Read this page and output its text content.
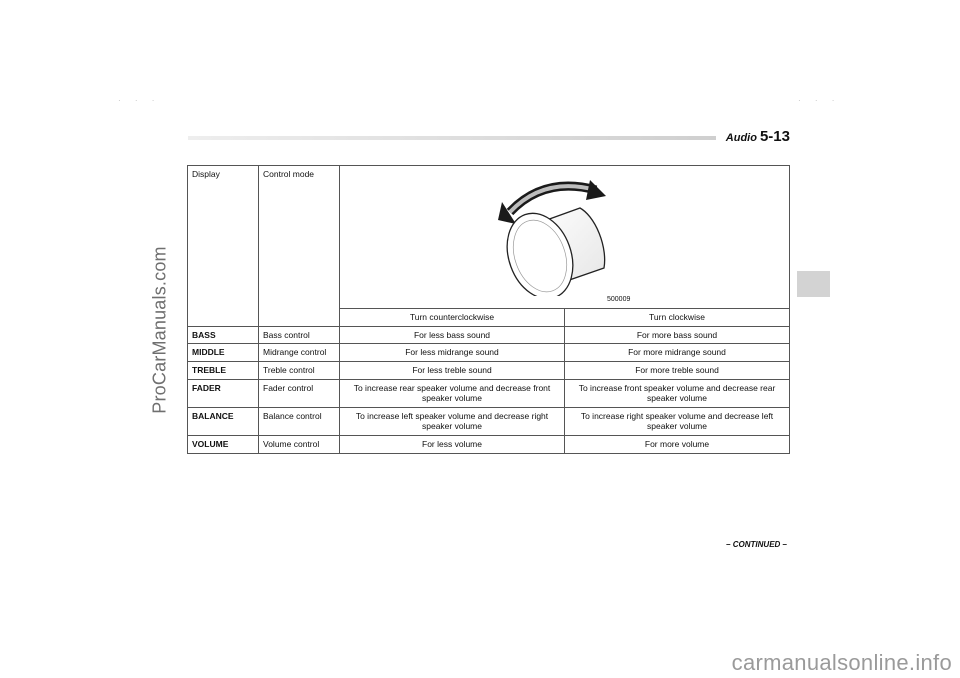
ProCarManuals.com
· · ·	· · ·
Audio 5-13
Display	Control mode	500009	

		Turn counterclockwise	Turn clockwise
BASS	Bass control	For less bass sound	For more bass sound
MIDDLE	Midrange control	For less midrange sound	For more midrange sound
TREBLE	Treble control	For less treble sound	For more treble sound
FADER	Fader control	To increase rear speaker volume and decrease front speaker volume	To increase front speaker volume and decrease rear speaker volume
BALANCE	Balance control	To increase left speaker volume and decrease right speaker volume	To increase right speaker volume and decrease left speaker volume
VOLUME	Volume control	For less volume	For more volume
– CONTINUED –
carmanualsonline.info
